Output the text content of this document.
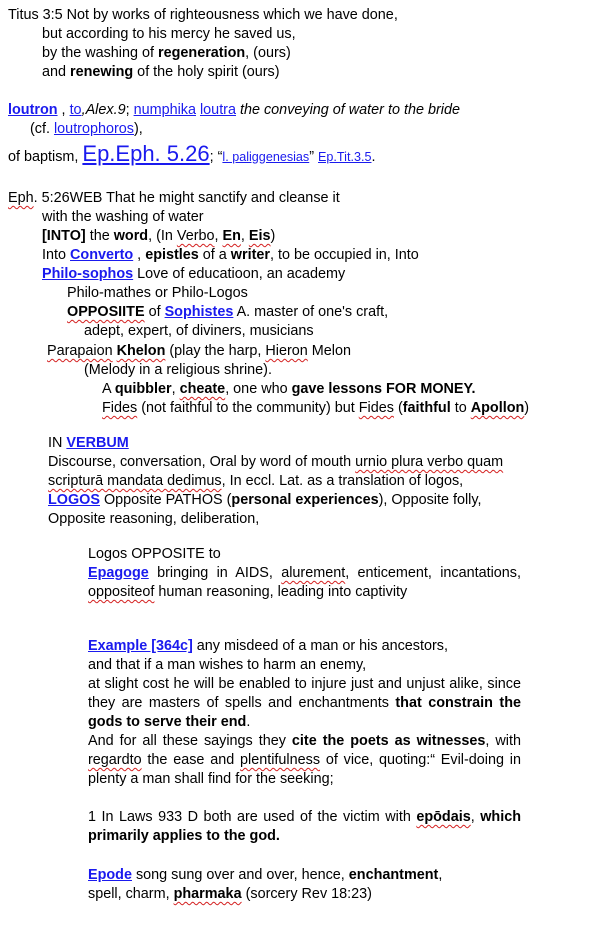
Titus 3:5 Not by works of righteousness which we have done,
but according to his mercy he saved us,
by the washing of regeneration, (ours)
and renewing of the holy spirit (ours)
loutron , to,Alex.9; numphika loutra the conveying of water to the bride
(cf. loutrophoros),
of baptism, Ep.Eph. 5.26; “l. paliggenesias” Ep.Tit.3.5.
Eph. 5:26WEB That he might sanctify and cleanse it
with the washing of water
[INTO] the word, (In Verbo, En, Eis)
Into Converto , epistles of a writer, to be occupied in, Into
Philo-sophos Love of educatioon, an academy
Philo-mathes or Philo-Logos
OPPOSIITE of Sophistes A. master of one's craft,
adept, expert, of diviners, musicians
Parapaion Khelon (play the harp, Hieron Melon
(Melody in a religious shrine).
A quibbler, cheate, one who gave lessons FOR MONEY.
Fides (not faithful to the community) but Fides (faithful to Apollon)
IN VERBUM
Discourse, conversation, Oral by word of mouth urnio plura verbo quam
scripturā mandata dedimus, In eccl. Lat. as a translation of logos,
LOGOS Opposite PATHOS (personal experiences), Opposite folly,
Opposite reasoning, deliberation,
Logos OPPOSITE to
Epagoge bringing in AIDS, alurement, enticement, incantations, oppositeof human reasoning, leading into captivity
Example [364c] any misdeed of a man or his ancestors,
and that if a man wishes to harm an enemy,
at slight cost he will be enabled to injure just and unjust alike, since they are masters of spells and enchantments that constrain the gods to serve their end.
And for all these sayings they cite the poets as witnesses, with regardto the ease and plentifulness of vice, quoting:“ Evil-doing in plenty a man shall find for the seeking;
1 In Laws 933 D both are used of the victim with epōdais, which primarily applies to the god.
Epode song sung over and over, hence, enchantment,
spell, charm, pharmaka (sorcery Rev 18:23)
